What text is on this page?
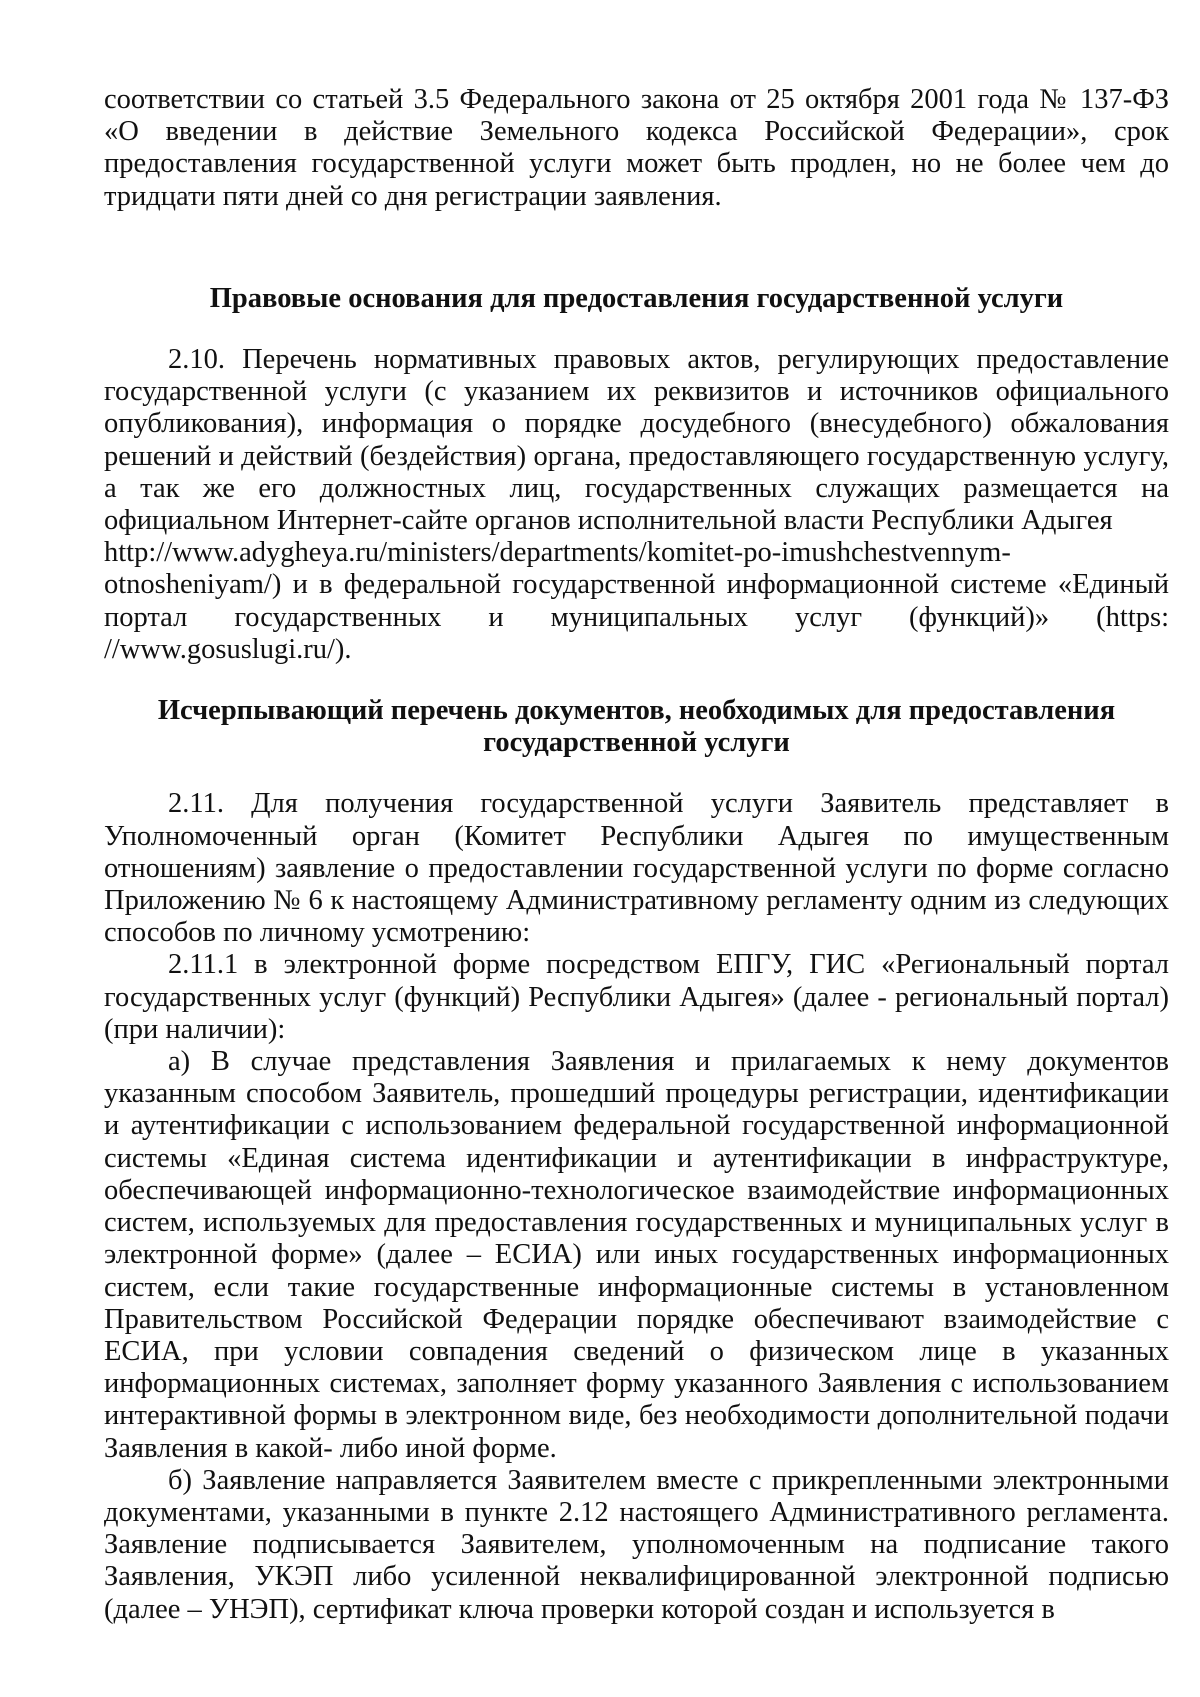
соответствии со статьей 3.5 Федерального закона от 25 октября 2001 года № 137-ФЗ «О введении в действие Земельного кодекса Российской Федерации», срок предоставления государственной услуги может быть продлен, но не более чем до тридцати пяти дней со дня регистрации заявления.

Правовые основания для предоставления государственной услуги

2.10. Перечень нормативных правовых актов, регулирующих предоставление государственной услуги (с указанием их реквизитов и источников официального опубликования), информация о порядке досудебного (внесудебного) обжалования решений и действий (бездействия) органа, предоставляющего государственную услугу, а так же его должностных лиц, государственных служащих размещается на официальном Интернет-сайте органов исполнительной власти Республики Адыгея

http://www.adygheya.ru/ministers/departments/komitet-po-imushchestvennym-

otnosheniyam/) и в федеральной государственной информационной системе «Единый портал государственных и муниципальных услуг (функций)» (https: //www.gosuslugi.ru/).

Исчерпывающий перечень документов, необходимых для предоставления
государственной услуги

2.11. Для получения государственной услуги Заявитель представляет в Уполномоченный орган (Комитет Республики Адыгея по имущественным отношениям) заявление о предоставлении государственной услуги по форме согласно Приложению № 6 к настоящему Административному регламенту одним из следующих способов по личному усмотрению:

2.11.1 в электронной форме посредством ЕПГУ, ГИС «Региональный портал государственных услуг (функций) Республики Адыгея» (далее - региональный портал) (при наличии):

а) В случае представления Заявления и прилагаемых к нему документов указанным способом Заявитель, прошедший процедуры регистрации, идентификации и аутентификации с использованием федеральной государственной информационной системы «Единая система идентификации и аутентификации в инфраструктуре, обеспечивающей информационно-технологическое взаимодействие информационных систем, используемых для предоставления государственных и муниципальных услуг в электронной форме» (далее – ЕСИА) или иных государственных информационных систем, если такие государственные информационные системы в установленном Правительством Российской Федерации порядке обеспечивают взаимодействие с ЕСИА, при условии совпадения сведений о физическом лице в указанных информационных системах, заполняет форму указанного Заявления с использованием интерактивной формы в электронном виде, без необходимости дополнительной подачи Заявления в какой- либо иной форме.

б) Заявление направляется Заявителем вместе с прикрепленными электронными документами, указанными в пункте 2.12 настоящего Административного регламента. Заявление подписывается Заявителем, уполномоченным на подписание такого Заявления, УКЭП либо усиленной неквалифицированной электронной подписью (далее – УНЭП), сертификат ключа проверки которой создан и используется в
